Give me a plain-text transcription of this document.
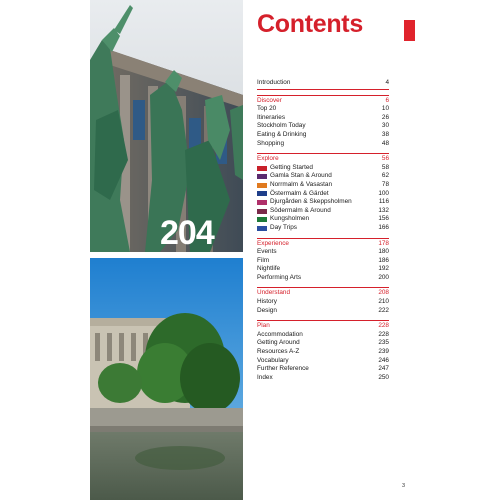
204
Contents
Introduction	4
Discover	6
Top 20	10
Itineraries	26
Stockholm Today	30
Eating & Drinking	38
Shopping	48
Explore	56
Getting Started	58
Gamla Stan & Around	62
Norrmalm & Vasastan	78
Östermalm & Gärdet	100
Djurgården & Skeppsholmen	116
Södermalm & Around	132
Kungsholmen	156
Day Trips	166
Experience	178
Events	180
Film	186
Nightlife	192
Performing Arts	200
Understand	208
History	210
Design	222
Plan	228
Accommodation	228
Getting Around	235
Resources A-Z	239
Vocabulary	246
Further Reference	247
Index	250
3
